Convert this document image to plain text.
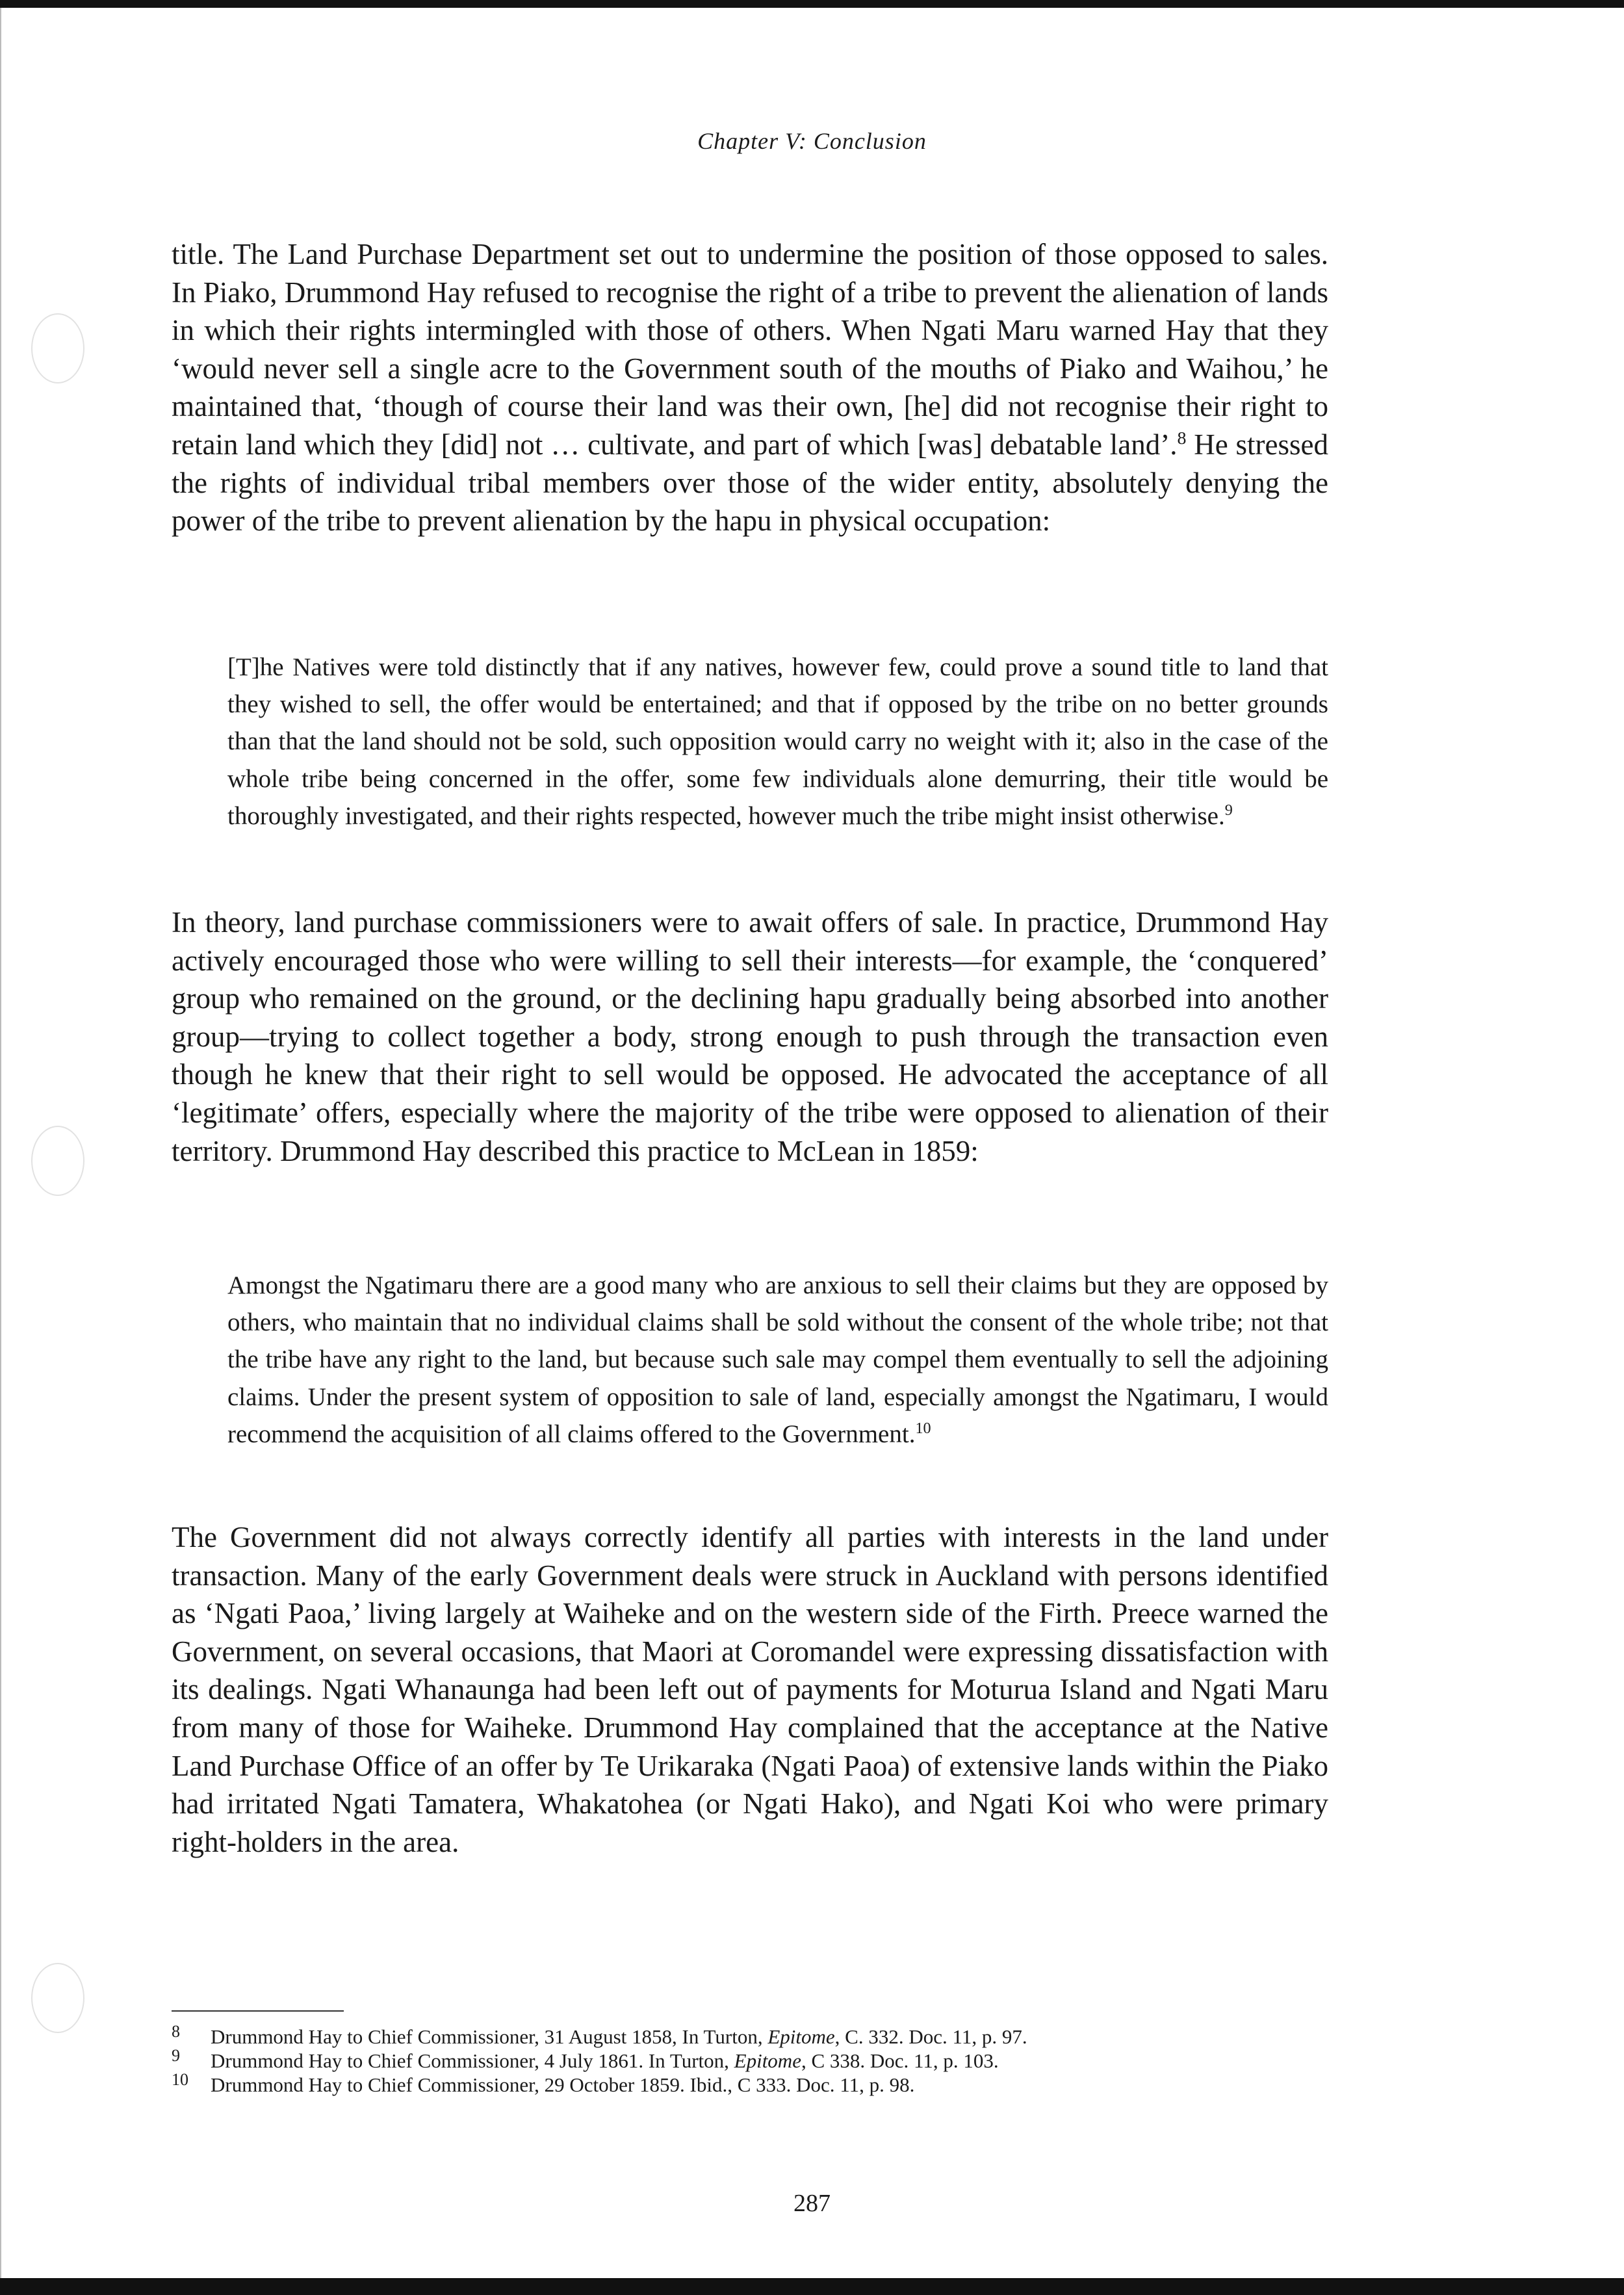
Chapter V: Conclusion

title. The Land Purchase Department set out to undermine the position of those opposed to sales. In Piako, Drummond Hay refused to recognise the right of a tribe to prevent the alienation of lands in which their rights intermingled with those of others. When Ngati Maru warned Hay that they ‘would never sell a single acre to the Government south of the mouths of Piako and Waihou,’ he maintained that, ‘though of course their land was their own, [he] did not recognise their right to retain land which they [did] not … cultivate, and part of which [was] debatable land’.$^8$ He stressed the rights of individual tribal members over those of the wider entity, absolutely denying the power of the tribe to prevent alienation by the hapu in physical occupation:

[T]he Natives were told distinctly that if any natives, however few, could prove a sound title to land that they wished to sell, the offer would be entertained; and that if opposed by the tribe on no better grounds than that the land should not be sold, such opposition would carry no weight with it; also in the case of the whole tribe being concerned in the offer, some few individuals alone demurring, their title would be thoroughly investigated, and their rights respected, however much the tribe might insist otherwise.$^9$

In theory, land purchase commissioners were to await offers of sale. In practice, Drummond Hay actively encouraged those who were willing to sell their interests—for example, the ‘conquered’ group who remained on the ground, or the declining hapu gradually being absorbed into another group—trying to collect together a body, strong enough to push through the transaction even though he knew that their right to sell would be opposed. He advocated the acceptance of all ‘legitimate’ offers, especially where the majority of the tribe were opposed to alienation of their territory. Drummond Hay described this practice to McLean in 1859:

Amongst the Ngatimaru there are a good many who are anxious to sell their claims but they are opposed by others, who maintain that no individual claims shall be sold without the consent of the whole tribe; not that the tribe have any right to the land, but because such sale may compel them eventually to sell the adjoining claims. Under the present system of opposition to sale of land, especially amongst the Ngatimaru, I would recommend the acquisition of all claims offered to the Government.$^{10}$

The Government did not always correctly identify all parties with interests in the land under transaction. Many of the early Government deals were struck in Auckland with persons identified as ‘Ngati Paoa,’ living largely at Waiheke and on the western side of the Firth. Preece warned the Government, on several occasions, that Maori at Coromandel were expressing dissatisfaction with its dealings. Ngati Whanaunga had been left out of payments for Moturua Island and Ngati Maru from many of those for Waiheke. Drummond Hay complained that the acceptance at the Native Land Purchase Office of an offer by Te Urikaraka (Ngati Paoa) of extensive lands within the Piako had irritated Ngati Tamatera, Whakatohea (or Ngati Hako), and Ngati Koi who were primary right-holders in the area.

8 Drummond Hay to Chief Commissioner, 31 August 1858, In Turton, Epitome, C. 332. Doc. 11, p. 97.
9 Drummond Hay to Chief Commissioner, 4 July 1861. In Turton, Epitome, C 338. Doc. 11, p. 103.
10 Drummond Hay to Chief Commissioner, 29 October 1859. Ibid., C 333. Doc. 11, p. 98.
287
